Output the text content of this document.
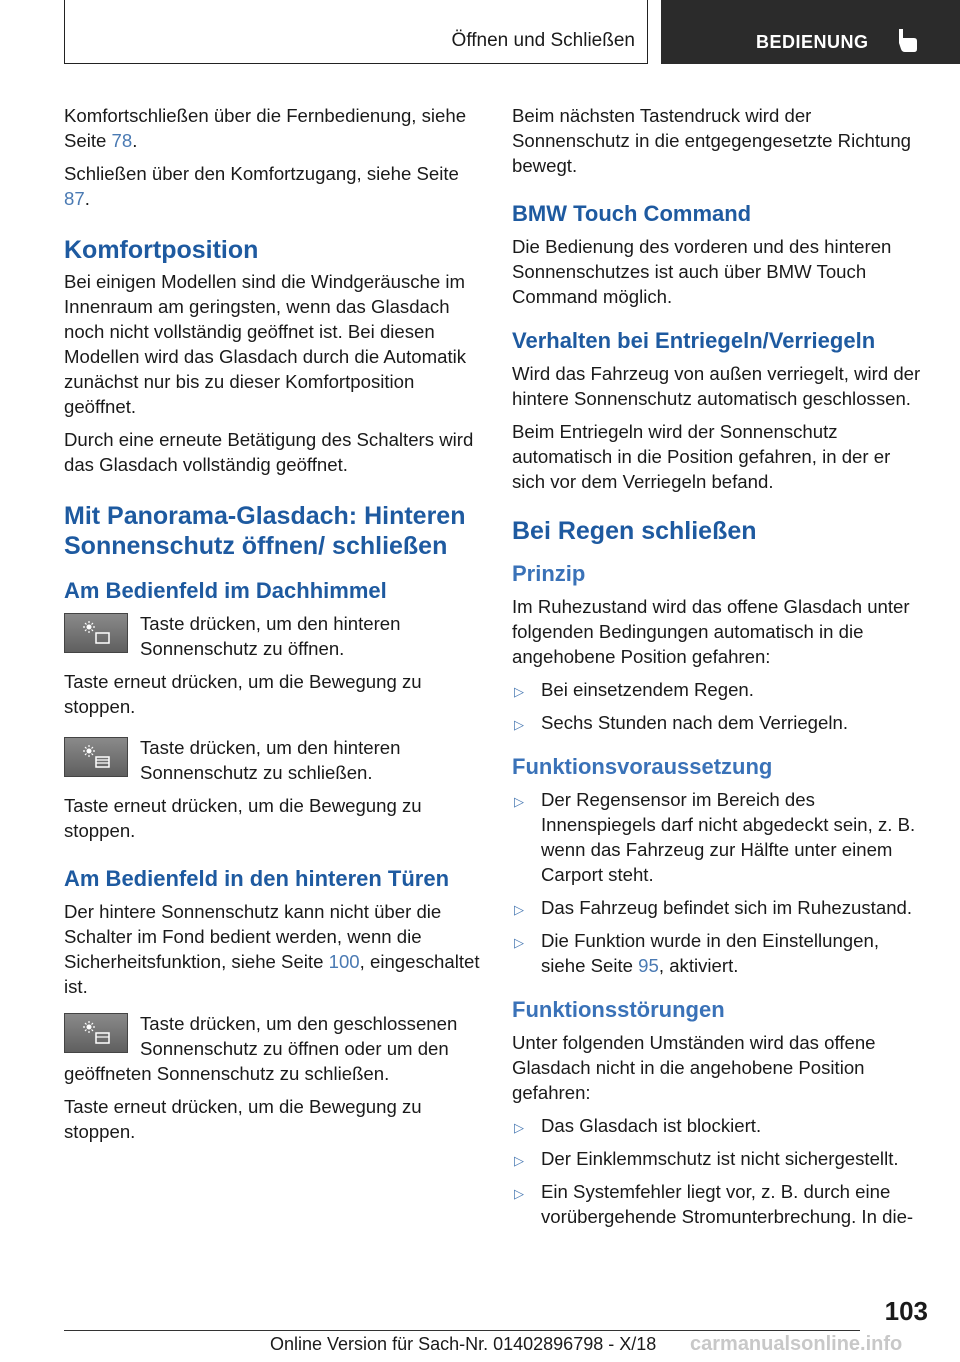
Öffnen und Schließen	BEDIENUNG

Komfortschließen über die Fernbedienung, siehe Seite 78.

Schließen über den Komfortzugang, siehe Seite 87.

Komfortposition

Bei einigen Modellen sind die Windgeräusche im Innenraum am geringsten, wenn das Glasdach noch nicht vollständig geöffnet ist. Bei diesen Modellen wird das Glasdach durch die Automatik zunächst nur bis zu dieser Komfortposition geöffnet.

Durch eine erneute Betätigung des Schalters wird das Glasdach vollständig geöffnet.

Mit Panorama-Glasdach: Hinteren Sonnenschutz öffnen/ schließen
Am Bedienfeld im Dachhimmel
Taste drücken, um den hinteren Sonnenschutz zu öffnen.

Taste erneut drücken, um die Bewegung zu stoppen.

Taste drücken, um den hinteren Sonnenschutz zu schließen.

Taste erneut drücken, um die Bewegung zu stoppen.

Am Bedienfeld in den hinteren Türen

Der hintere Sonnenschutz kann nicht über die Schalter im Fond bedient werden, wenn die Sicherheitsfunktion, siehe Seite 100, eingeschaltet ist.

Taste drücken, um den geschlossenen Sonnenschutz zu öffnen oder um den geöffneten Sonnenschutz zu schließen.

Taste erneut drücken, um die Bewegung zu stoppen.

Beim nächsten Tastendruck wird der Sonnenschutz in die entgegengesetzte Richtung bewegt.

BMW Touch Command

Die Bedienung des vorderen und des hinteren Sonnenschutzes ist auch über BMW Touch Command möglich.

Verhalten bei Entriegeln/Verriegeln

Wird das Fahrzeug von außen verriegelt, wird der hintere Sonnenschutz automatisch geschlossen.

Beim Entriegeln wird der Sonnenschutz automatisch in die Position gefahren, in der er sich vor dem Verriegeln befand.

Bei Regen schließen
Prinzip

Im Ruhezustand wird das offene Glasdach unter folgenden Bedingungen automatisch in die angehobene Position gefahren:

▷ Bei einsetzendem Regen.
▷ Sechs Stunden nach dem Verriegeln.
Funktionsvoraussetzung
▷ Der Regensensor im Bereich des Innenspiegels darf nicht abgedeckt sein, z. B. wenn das Fahrzeug zur Hälfte unter einem Carport steht.
▷ Das Fahrzeug befindet sich im Ruhezustand.
▷ Die Funktion wurde in den Einstellungen, siehe Seite 95, aktiviert.
Funktionsstörungen

Unter folgenden Umständen wird das offene Glasdach nicht in die angehobene Position gefahren:

▷ Das Glasdach ist blockiert.
▷ Der Einklemmschutz ist nicht sichergestellt.
▷ Ein Systemfehler liegt vor, z. B. durch eine vorübergehende Stromunterbrechung. In die-
103
Online Version für Sach-Nr. 01402896798 - X/18 carmanualsonline.info
